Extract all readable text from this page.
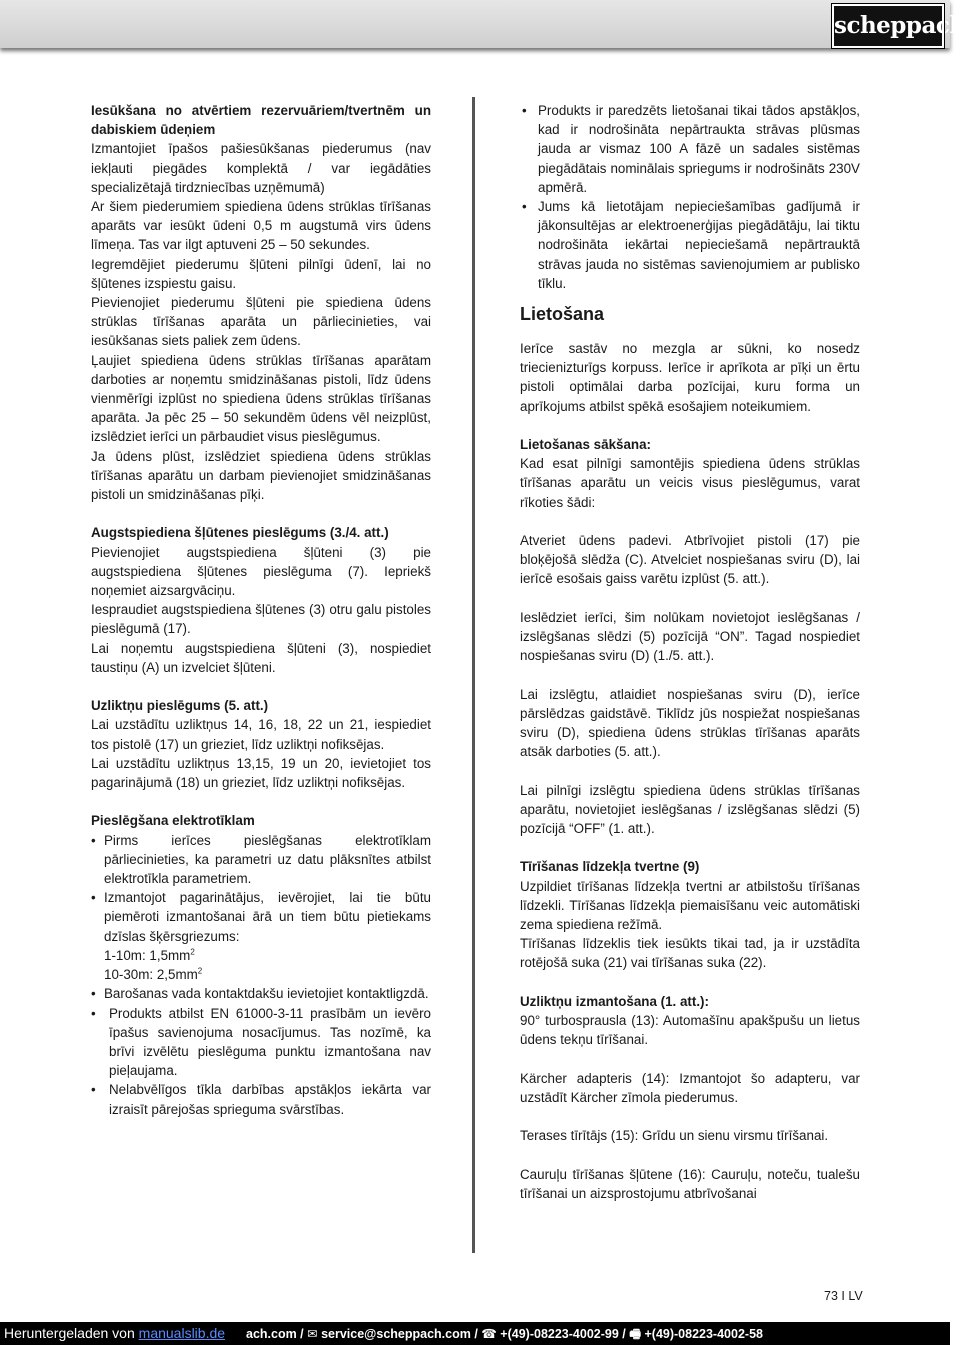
scheppach

Iesūkšana no atvērtiem rezervuāriem/tvertnēm un dabiskiem ūdeņiem

Izmantojiet īpašos pašiesūkšanas piederumus (nav iekļauti piegādes komplektā / var iegādāties specializētajā tirdzniecības uzņēmumā)

Ar šiem piederumiem spiediena ūdens strūklas tīrīšanas aparāts var iesūkt ūdeni 0,5 m augstumā virs ūdens līmeņa. Tas var ilgt aptuveni 25 – 50 sekundes.

Iegremdējiet piederumu šļūteni pilnīgi ūdenī, lai no šļūtenes izspiestu gaisu.

Pievienojiet piederumu šļūteni pie spiediena ūdens strūklas tīrīšanas aparāta un pārliecinieties, vai iesūkšanas siets paliek zem ūdens.

Ļaujiet spiediena ūdens strūklas tīrīšanas aparātam darboties ar noņemtu smidzināšanas pistoli, līdz ūdens vienmērīgi izplūst no spiediena ūdens strūklas tīrīšanas aparāta. Ja pēc 25 – 50 sekundēm ūdens vēl neizplūst, izslēdziet ierīci un pārbaudiet visus pieslēgumus.

Ja ūdens plūst, izslēdziet spiediena ūdens strūklas tīrīšanas aparātu un darbam pievienojiet smidzināšanas pistoli un smidzināšanas pīķi.

Augstspiediena šļūtenes pieslēgums (3./4. att.)

Pievienojiet augstspiediena šļūteni (3) pie augstspiediena šļūtenes pieslēguma (7). Iepriekš noņemiet aizsargvāciņu.

Iespraudiet augstspiediena šļūtenes (3) otru galu pistoles pieslēgumā (17).

Lai noņemtu augstspiediena šļūteni (3), nospiediet taustiņu (A) un izvelciet šļūteni.

Uzliktņu pieslēgums (5. att.)

Lai uzstādītu uzliktņus 14, 16, 18, 22 un 21, iespiediet tos pistolē (17) un grieziet, līdz uzliktņi nofiksējas.

Lai uzstādītu uzliktņus 13,15, 19 un 20, ievietojiet tos pagarinājumā (18) un grieziet, līdz uzliktņi nofiksējas.

Pieslēgšana elektrotīklam

• Pirms ierīces pieslēgšanas elektrotīklam pārliecinieties, ka parametri uz datu plāksnītes atbilst elektrotīkla parametriem.
• Izmantojot pagarinātājus, ievērojiet, lai tie būtu piemēroti izmantošanai ārā un tiem būtu pietiekams dzīslas šķērsgriezums:
1-10m: $1,5mm^2$
10-30m: $2,5mm^2$
• Barošanas vada kontaktdakšu ievietojiet kontaktligzdā.
• Produkts atbilst EN 61000-3-11 prasībām un ievēro īpašus savienojuma nosacījumus. Tas nozīmē, ka brīvi izvēlētu pieslēguma punktu izmantošana nav pieļaujama.
• Nelabvēlīgos tīkla darbības apstākļos iekārta var izraisīt pārejošas sprieguma svārstības.
• Produkts ir paredzēts lietošanai tikai tādos apstākļos, kad ir nodrošināta nepārtraukta strāvas plūsmas jauda ar vismaz 100 A fāzē un sadales sistēmas piegādātais nominālais spriegums ir nodrošināts 230V apmērā.
• Jums kā lietotājam nepieciešamības gadījumā ir jākonsultējas ar elektroenerģijas piegādātāju, lai tiktu nodrošināta iekārtai nepieciešamā nepārtrauktā strāvas jauda no sistēmas savienojumiem ar publisko tīklu.
Lietošana

Ierīce sastāv no mezgla ar sūkni, ko nosedz triecienizturīgs korpuss. Ierīce ir aprīkota ar pīķi un ērtu pistoli optimālai darba pozīcijai, kuru forma un aprīkojums atbilst spēkā esošajiem noteikumiem.

Lietošanas sākšana:

Kad esat pilnīgi samontējis spiediena ūdens strūklas tīrīšanas aparātu un veicis visus pieslēgumus, varat rīkoties šādi:

Atveriet ūdens padevi. Atbrīvojiet pistoli (17) pie bloķējošā slēdža (C). Atvelciet nospiešanas sviru (D), lai ierīcē esošais gaiss varētu izplūst (5. att.).

Ieslēdziet ierīci, šim nolūkam novietojot ieslēgšanas / izslēgšanas slēdzi (5) pozīcijā “ON”. Tagad nospiediet nospiešanas sviru (D) (1./5. att.).

Lai izslēgtu, atlaidiet nospiešanas sviru (D), ierīce pārslēdzas gaidstāvē. Tiklīdz jūs nospiežat nospiešanas sviru (D), spiediena ūdens strūklas tīrīšanas aparāts atsāk darboties (5. att.).

Lai pilnīgi izslēgtu spiediena ūdens strūklas tīrīšanas aparātu, novietojiet ieslēgšanas / izslēgšanas slēdzi (5) pozīcijā “OFF” (1. att.).

Tīrīšanas līdzekļa tvertne (9)

Uzpildiet tīrīšanas līdzekļa tvertni ar atbilstošu tīrīšanas līdzekli. Tīrīšanas līdzekļa piemaisīšanu veic automātiski zema spiediena režīmā.

Tīrīšanas līdzeklis tiek iesūkts tikai tad, ja ir uzstādīta rotējošā suka (21) vai tīrīšanas suka (22).

Uzliktņu izmantošana (1. att.):

90° turbosprausla (13): Automašīnu apakšpušu un lietus ūdens tekņu tīrīšanai.

Kärcher adapteris (14): Izmantojot šo adapteru, var uzstādīt Kärcher zīmola piederumus.

Terases tīrītājs (15): Grīdu un sienu virsmu tīrīšanai.

Cauruļu tīrīšanas šļūtene (16): Cauruļu, noteču, tualešu tīrīšanai un aizsprostojumu atbrīvošanai

73 I LV
ach.com / ✉ service@scheppach.com / ☎ +(49)-08223-4002-99 / 🖷 +(49)-08223-4002-58
Heruntergeladen von manualslib.de
